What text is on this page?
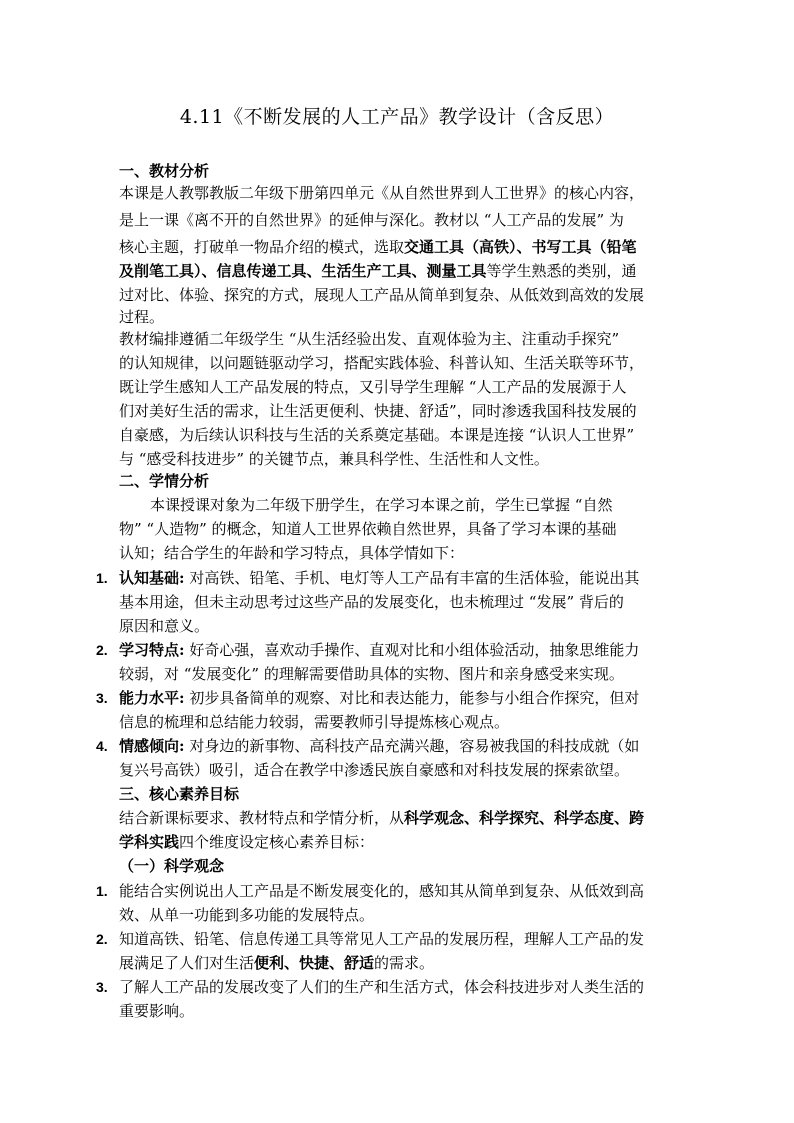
4.11《不断发展的人工产品》教学设计（含反思）
一、教材分析
本课是人教鄂教版二年级下册第四单元《从自然世界到人工世界》的核心内容，
是上一课《离不开的自然世界》的延伸与深化。教材以 “人工产品的发展” 为
核心主题，打破单一物品介绍的模式，选取交通工具（高铁）、书写工具（铅笔
及削笔工具）、信息传递工具、生活生产工具、测量工具等学生熟悉的类别，通
过对比、体验、探究的方式，展现人工产品从简单到复杂、从低效到高效的发展
过程。
教材编排遵循二年级学生 “从生活经验出发、直观体验为主、注重动手探究”
的认知规律，以问题链驱动学习，搭配实践体验、科普认知、生活关联等环节，
既让学生感知人工产品发展的特点，又引导学生理解 “人工产品的发展源于人
们对美好生活的需求，让生活更便利、快捷、舒适”，同时渗透我国科技发展的
自豪感，为后续认识科技与生活的关系奠定基础。本课是连接 “认识人工世界”
与 “感受科技进步” 的关键节点，兼具科学性、生活性和人文性。
二、学情分析
本课授课对象为二年级下册学生，在学习本课之前，学生已掌握 “自然
物” “人造物” 的概念，知道人工世界依赖自然世界，具备了学习本课的基础
认知；结合学生的年龄和学习特点，具体学情如下：
1. 认知基础: 对高铁、铅笔、手机、电灯等人工产品有丰富的生活体验，能说出其
基本用途，但未主动思考过这些产品的发展变化，也未梳理过 “发展” 背后的
原因和意义。
2. 学习特点: 好奇心强，喜欢动手操作、直观对比和小组体验活动，抽象思维能力
较弱，对 “发展变化” 的理解需要借助具体的实物、图片和亲身感受来实现。
3. 能力水平: 初步具备简单的观察、对比和表达能力，能参与小组合作探究，但对
信息的梳理和总结能力较弱，需要教师引导提炼核心观点。
4. 情感倾向: 对身边的新事物、高科技产品充满兴趣，容易被我国的科技成就（如
复兴号高铁）吸引，适合在教学中渗透民族自豪感和对科技发展的探索欲望。
三、核心素养目标
结合新课标要求、教材特点和学情分析，从科学观念、科学探究、科学态度、跨
学科实践四个维度设定核心素养目标：
（一）科学观念
1. 能结合实例说出人工产品是不断发展变化的，感知其从简单到复杂、从低效到高
效、从单一功能到多功能的发展特点。
2. 知道高铁、铅笔、信息传递工具等常见人工产品的发展历程，理解人工产品的发
展满足了人们对生活便利、快捷、舒适的需求。
3. 了解人工产品的发展改变了人们的生产和生活方式，体会科技进步对人类生活的
重要影响。
